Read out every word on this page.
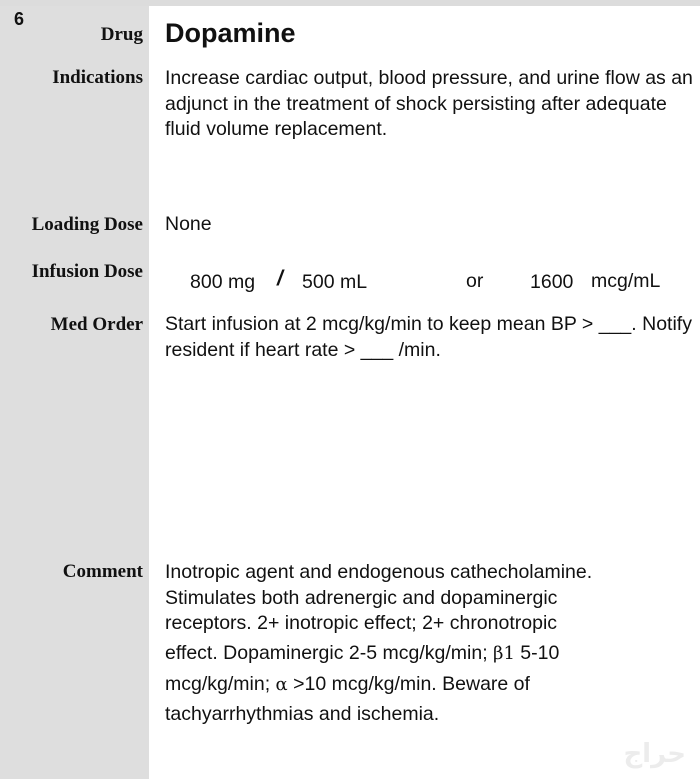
6
Drug Dopamine
Indications Increase cardiac output, blood pressure, and urine flow as an adjunct in the treatment of shock persisting after adequate fluid volume replacement.
Loading Dose None
Infusion Dose 800 mg / 500 mL	or 1600 mcg/mL
Med Order Start infusion at 2 mcg/kg/min to keep mean BP > ___. Notify resident if heart rate > ___ /min.
Comment Inotropic agent and endogenous cathecholamine.
Stimulates both adrenergic and dopaminergic
receptors. 2+ inotropic effect; 2+ chronotropic
effect. Dopaminergic 2-5 mcg/kg/min; β1 5-10
mcg/kg/min; α >10 mcg/kg/min. Beware of
tachyarrhythmias and ischemia.
حراج
